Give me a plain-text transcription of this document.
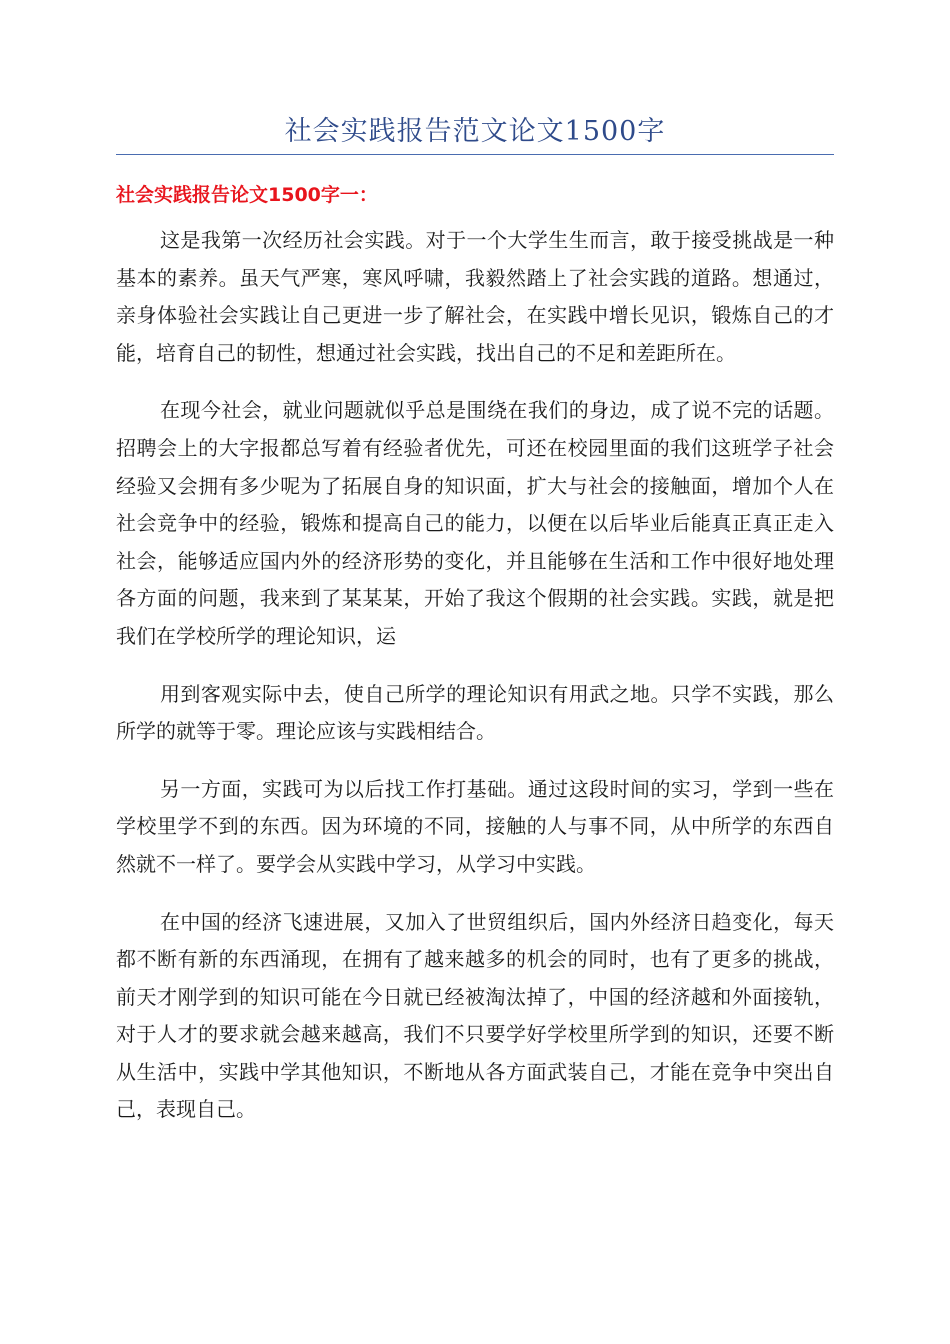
社会实践报告范文论文1500字
社会实践报告论文1500字一：

这是我第一次经历社会实践。对于一个大学生生而言，敢于接受挑战是一种基本的素养。虽天气严寒，寒风呼啸，我毅然踏上了社会实践的道路。想通过，亲身体验社会实践让自己更进一步了解社会，在实践中增长见识，锻炼自己的才能，培育自己的韧性，想通过社会实践，找出自己的不足和差距所在。

在现今社会，就业问题就似乎总是围绕在我们的身边，成了说不完的话题。招聘会上的大字报都总写着有经验者优先，可还在校园里面的我们这班学子社会经验又会拥有多少呢为了拓展自身的知识面，扩大与社会的接触面，增加个人在社会竞争中的经验，锻炼和提高自己的能力，以便在以后毕业后能真正真正走入社会，能够适应国内外的经济形势的变化，并且能够在生活和工作中很好地处理各方面的问题，我来到了某某某，开始了我这个假期的社会实践。实践，就是把我们在学校所学的理论知识，运

用到客观实际中去，使自己所学的理论知识有用武之地。只学不实践，那么所学的就等于零。理论应该与实践相结合。

另一方面，实践可为以后找工作打基础。通过这段时间的实习，学到一些在学校里学不到的东西。因为环境的不同，接触的人与事不同，从中所学的东西自然就不一样了。要学会从实践中学习，从学习中实践。

在中国的经济飞速进展，又加入了世贸组织后，国内外经济日趋变化，每天都不断有新的东西涌现，在拥有了越来越多的机会的同时，也有了更多的挑战，前天才刚学到的知识可能在今日就已经被淘汰掉了，中国的经济越和外面接轨，对于人才的要求就会越来越高，我们不只要学好学校里所学到的知识，还要不断从生活中，实践中学其他知识，不断地从各方面武装自己，才能在竞争中突出自己，表现自己。
